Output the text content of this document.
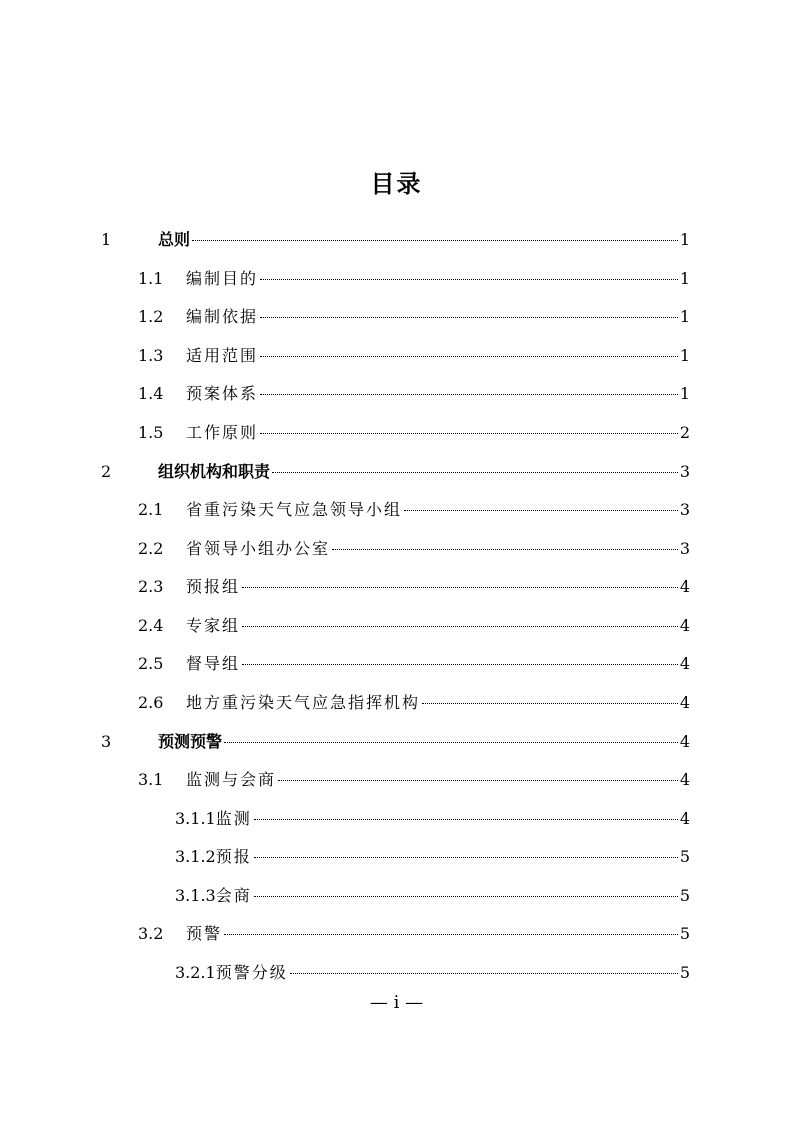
目录
1	总则	1
1.1 编制目的	1
1.2 编制依据	1
1.3 适用范围	1
1.4 预案体系	1
1.5 工作原则	2
2	组织机构和职责	3
2.1 省重污染天气应急领导小组	3
2.2 省领导小组办公室	3
2.3 预报组	4
2.4 专家组	4
2.5 督导组	4
2.6 地方重污染天气应急指挥机构	4
3	预测预警	4
3.1 监测与会商	4
3.1.1 监测	4
3.1.2 预报	5
3.1.3 会商	5
3.2 预警	5
3.2.1 预警分级	5
— i —
